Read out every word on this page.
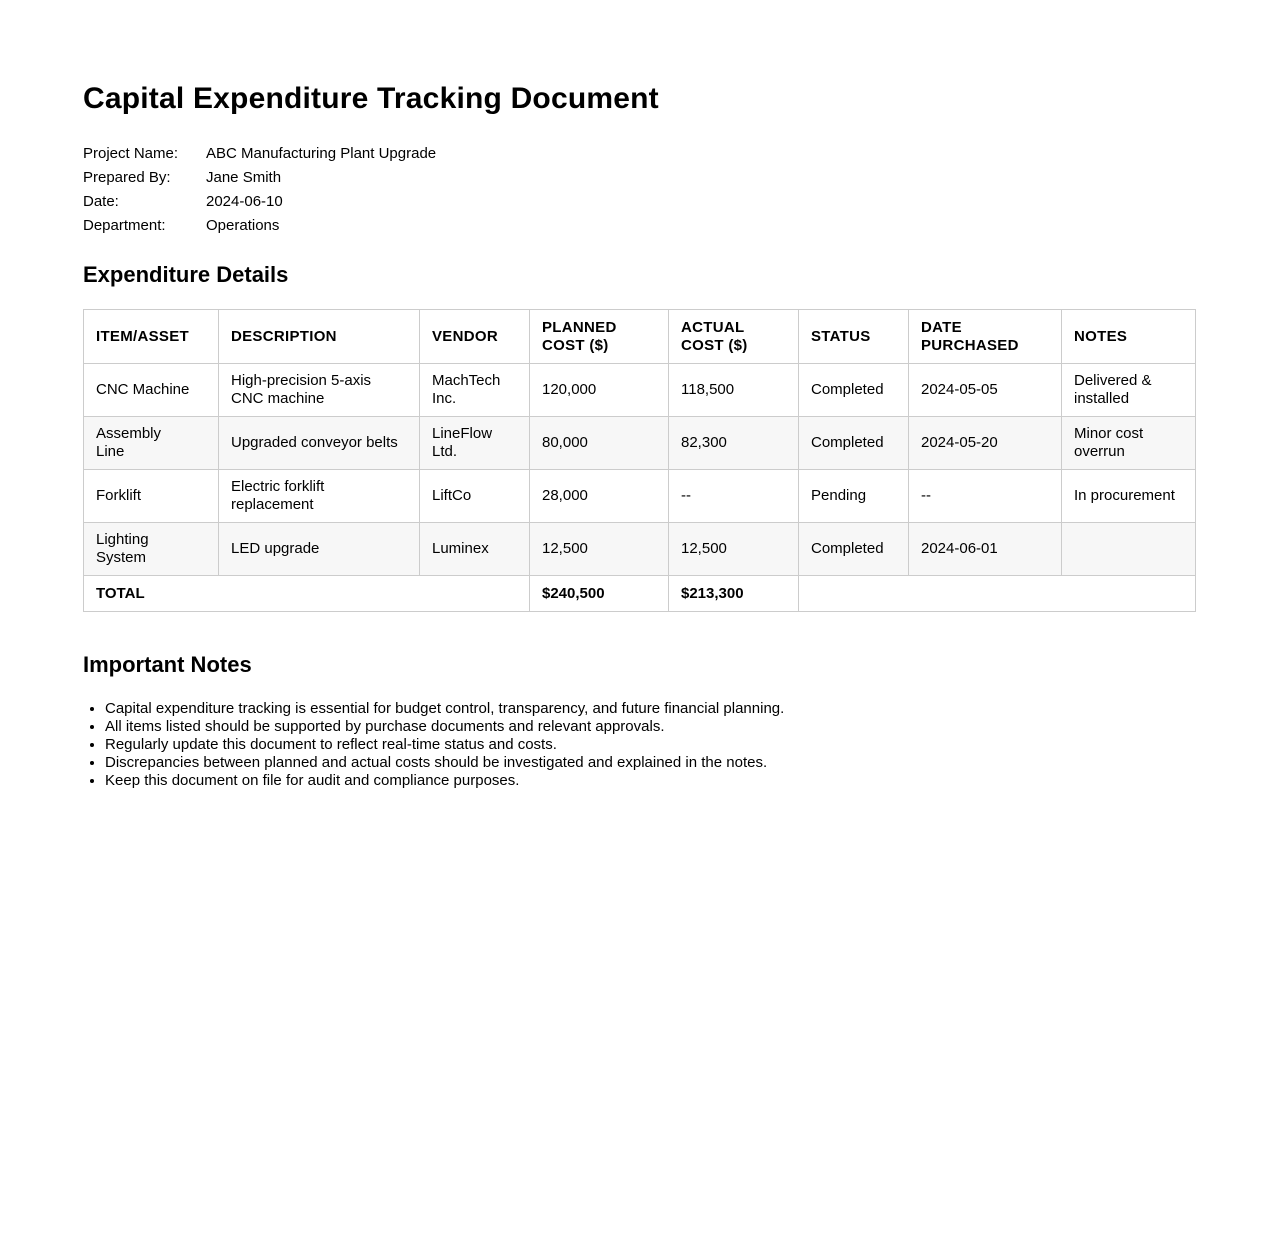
Capital Expenditure Tracking Document
Project Name:	ABC Manufacturing Plant Upgrade
Prepared By:	Jane Smith
Date:	2024-06-10
Department:	Operations
Expenditure Details
ITEM/ASSET	DESCRIPTION	VENDOR	PLANNED COST ($)	ACTUAL COST ($)	STATUS	DATE PURCHASED	NOTES
CNC Machine	High-precision 5-axis CNC machine	MachTech Inc.	120,000	118,500	Completed	2024-05-05	Delivered & installed
Assembly Line	Upgraded conveyor belts	LineFlow Ltd.	80,000	82,300	Completed	2024-05-20	Minor cost overrun
Forklift	Electric forklift replacement	LiftCo	28,000	--	Pending	--	In procurement
Lighting System	LED upgrade	Luminex	12,500	12,500	Completed	2024-06-01	
TOTAL			$240,500	$213,300			
Important Notes
• Capital expenditure tracking is essential for budget control, transparency, and future financial planning.
• All items listed should be supported by purchase documents and relevant approvals.
• Regularly update this document to reflect real-time status and costs.
• Discrepancies between planned and actual costs should be investigated and explained in the notes.
• Keep this document on file for audit and compliance purposes.
